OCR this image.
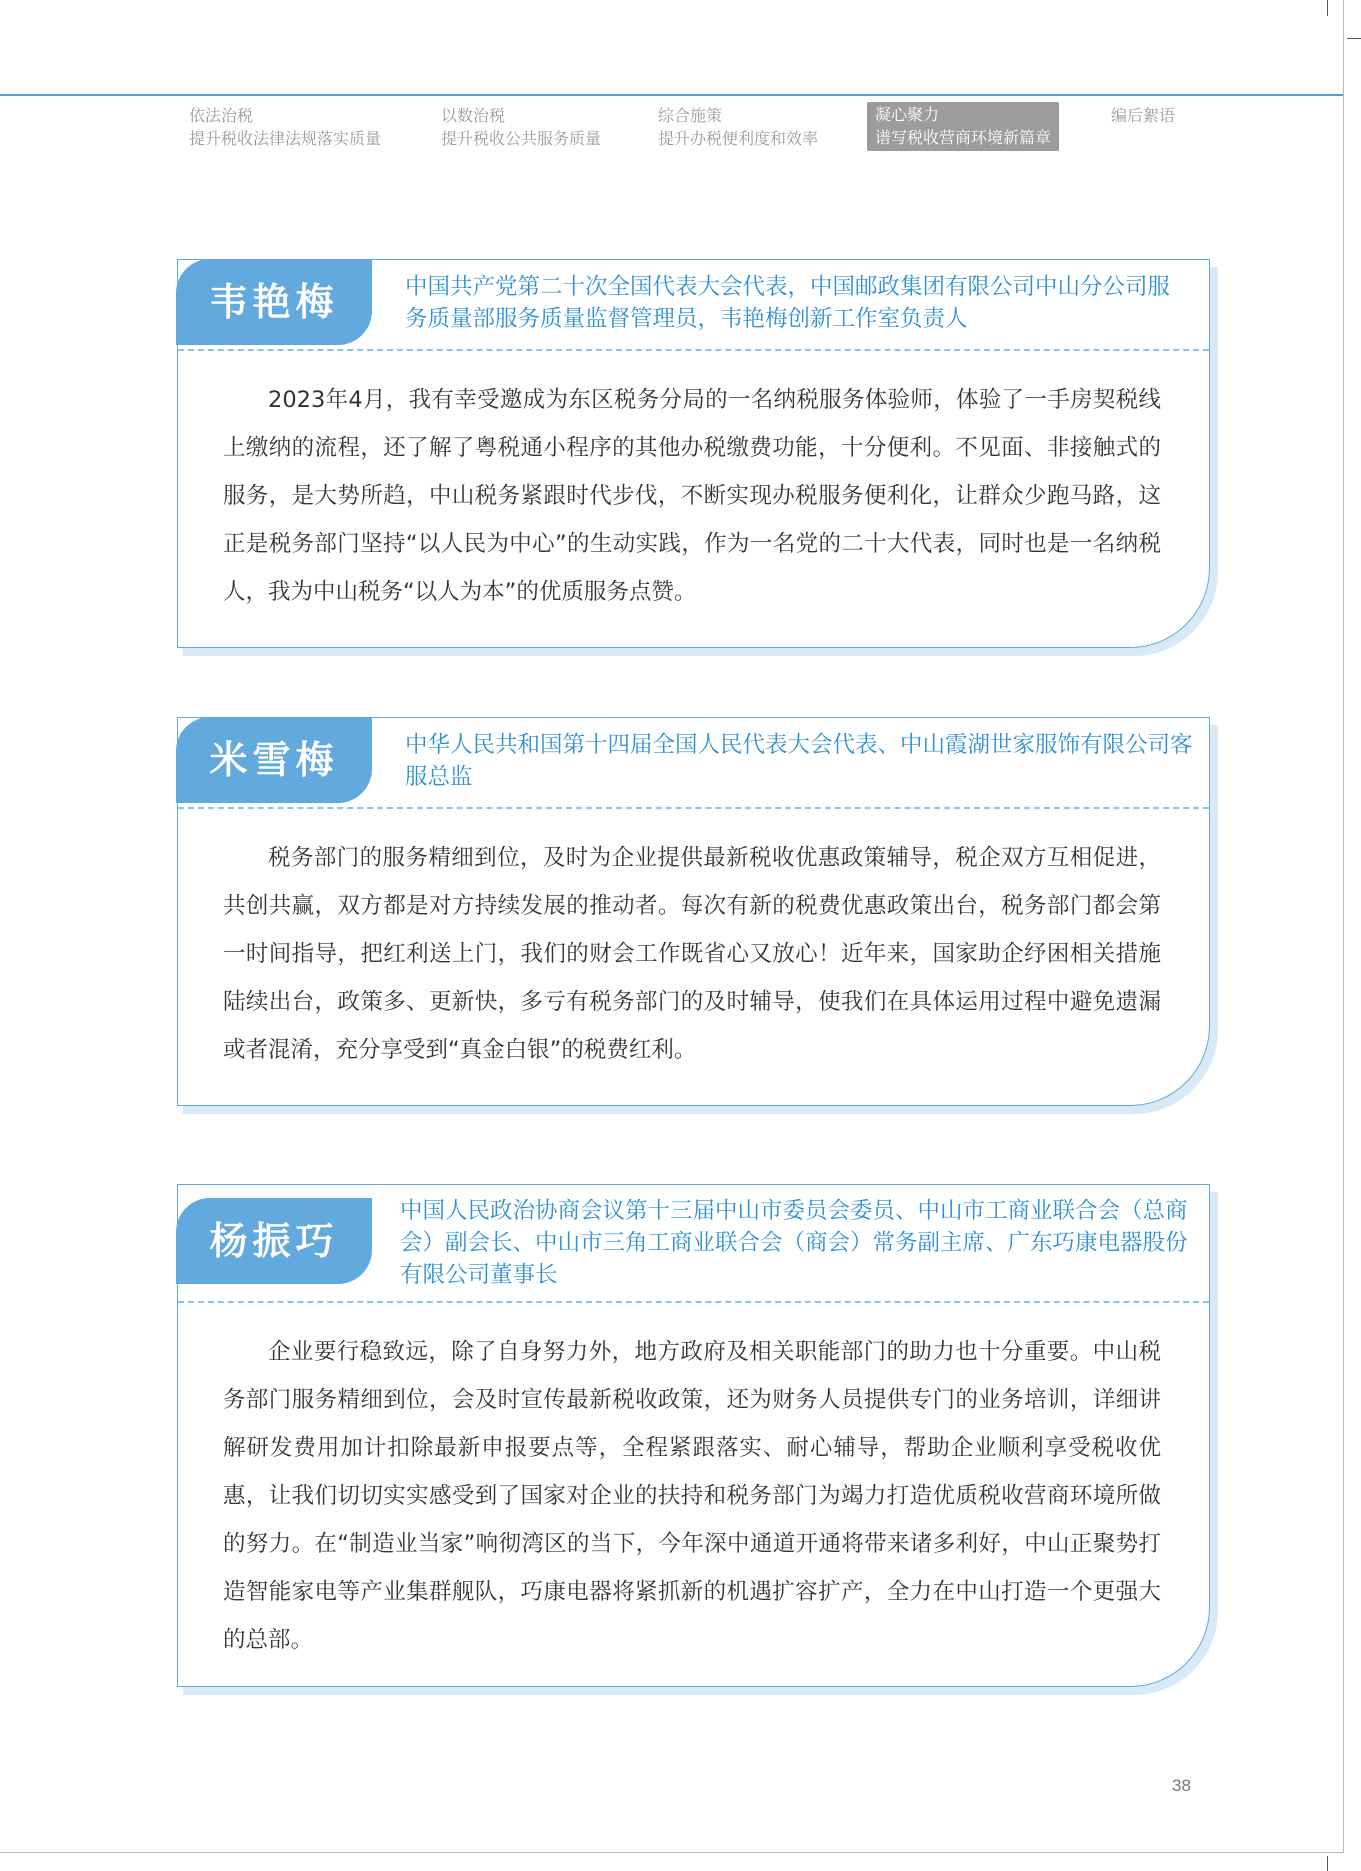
依法治税
提升税收法律法规落实质量
以数治税
提升税收公共服务质量
综合施策
提升办税便利度和效率
凝心聚力
谱写税收营商环境新篇章
编后絮语
韦艳梅	中国共产党第二十次全国代表大会代表，中国邮政集团有限公司中山分公司服务质量部服务质量监督管理员，韦艳梅创新工作室负责人
2023年4月，我有幸受邀成为东区税务分局的一名纳税服务体验师，体验了一手房契税线上缴纳的流程，还了解了粤税通小程序的其他办税缴费功能，十分便利。不见面、非接触式的服务，是大势所趋，中山税务紧跟时代步伐，不断实现办税服务便利化，让群众少跑马路，这正是税务部门坚持“以人民为中心”的生动实践，作为一名党的二十大代表，同时也是一名纳税人，我为中山税务“以人为本”的优质服务点赞。
米雪梅	中华人民共和国第十四届全国人民代表大会代表、中山霞湖世家服饰有限公司客服总监
税务部门的服务精细到位，及时为企业提供最新税收优惠政策辅导，税企双方互相促进，共创共赢，双方都是对方持续发展的推动者。每次有新的税费优惠政策出台，税务部门都会第一时间指导，把红利送上门，我们的财会工作既省心又放心！近年来，国家助企纾困相关措施陆续出台，政策多、更新快，多亏有税务部门的及时辅导，使我们在具体运用过程中避免遗漏或者混淆，充分享受到“真金白银”的税费红利。
杨振巧
中国人民政治协商会议第十三届中山市委员会委员、中山市工商业联合会（总商会）副会长、中山市三角工商业联合会（商会）常务副主席、广东巧康电器股份有限公司董事长
企业要行稳致远，除了自身努力外，地方政府及相关职能部门的助力也十分重要。中山税务部门服务精细到位，会及时宣传最新税收政策，还为财务人员提供专门的业务培训，详细讲解研发费用加计扣除最新申报要点等，全程紧跟落实、耐心辅导，帮助企业顺利享受税收优惠，让我们切切实实感受到了国家对企业的扶持和税务部门为竭力打造优质税收营商环境所做的努力。在“制造业当家”响彻湾区的当下，今年深中通道开通将带来诸多利好，中山正聚势打造智能家电等产业集群舰队，巧康电器将紧抓新的机遇扩容扩产，全力在中山打造一个更强大的总部。
38
